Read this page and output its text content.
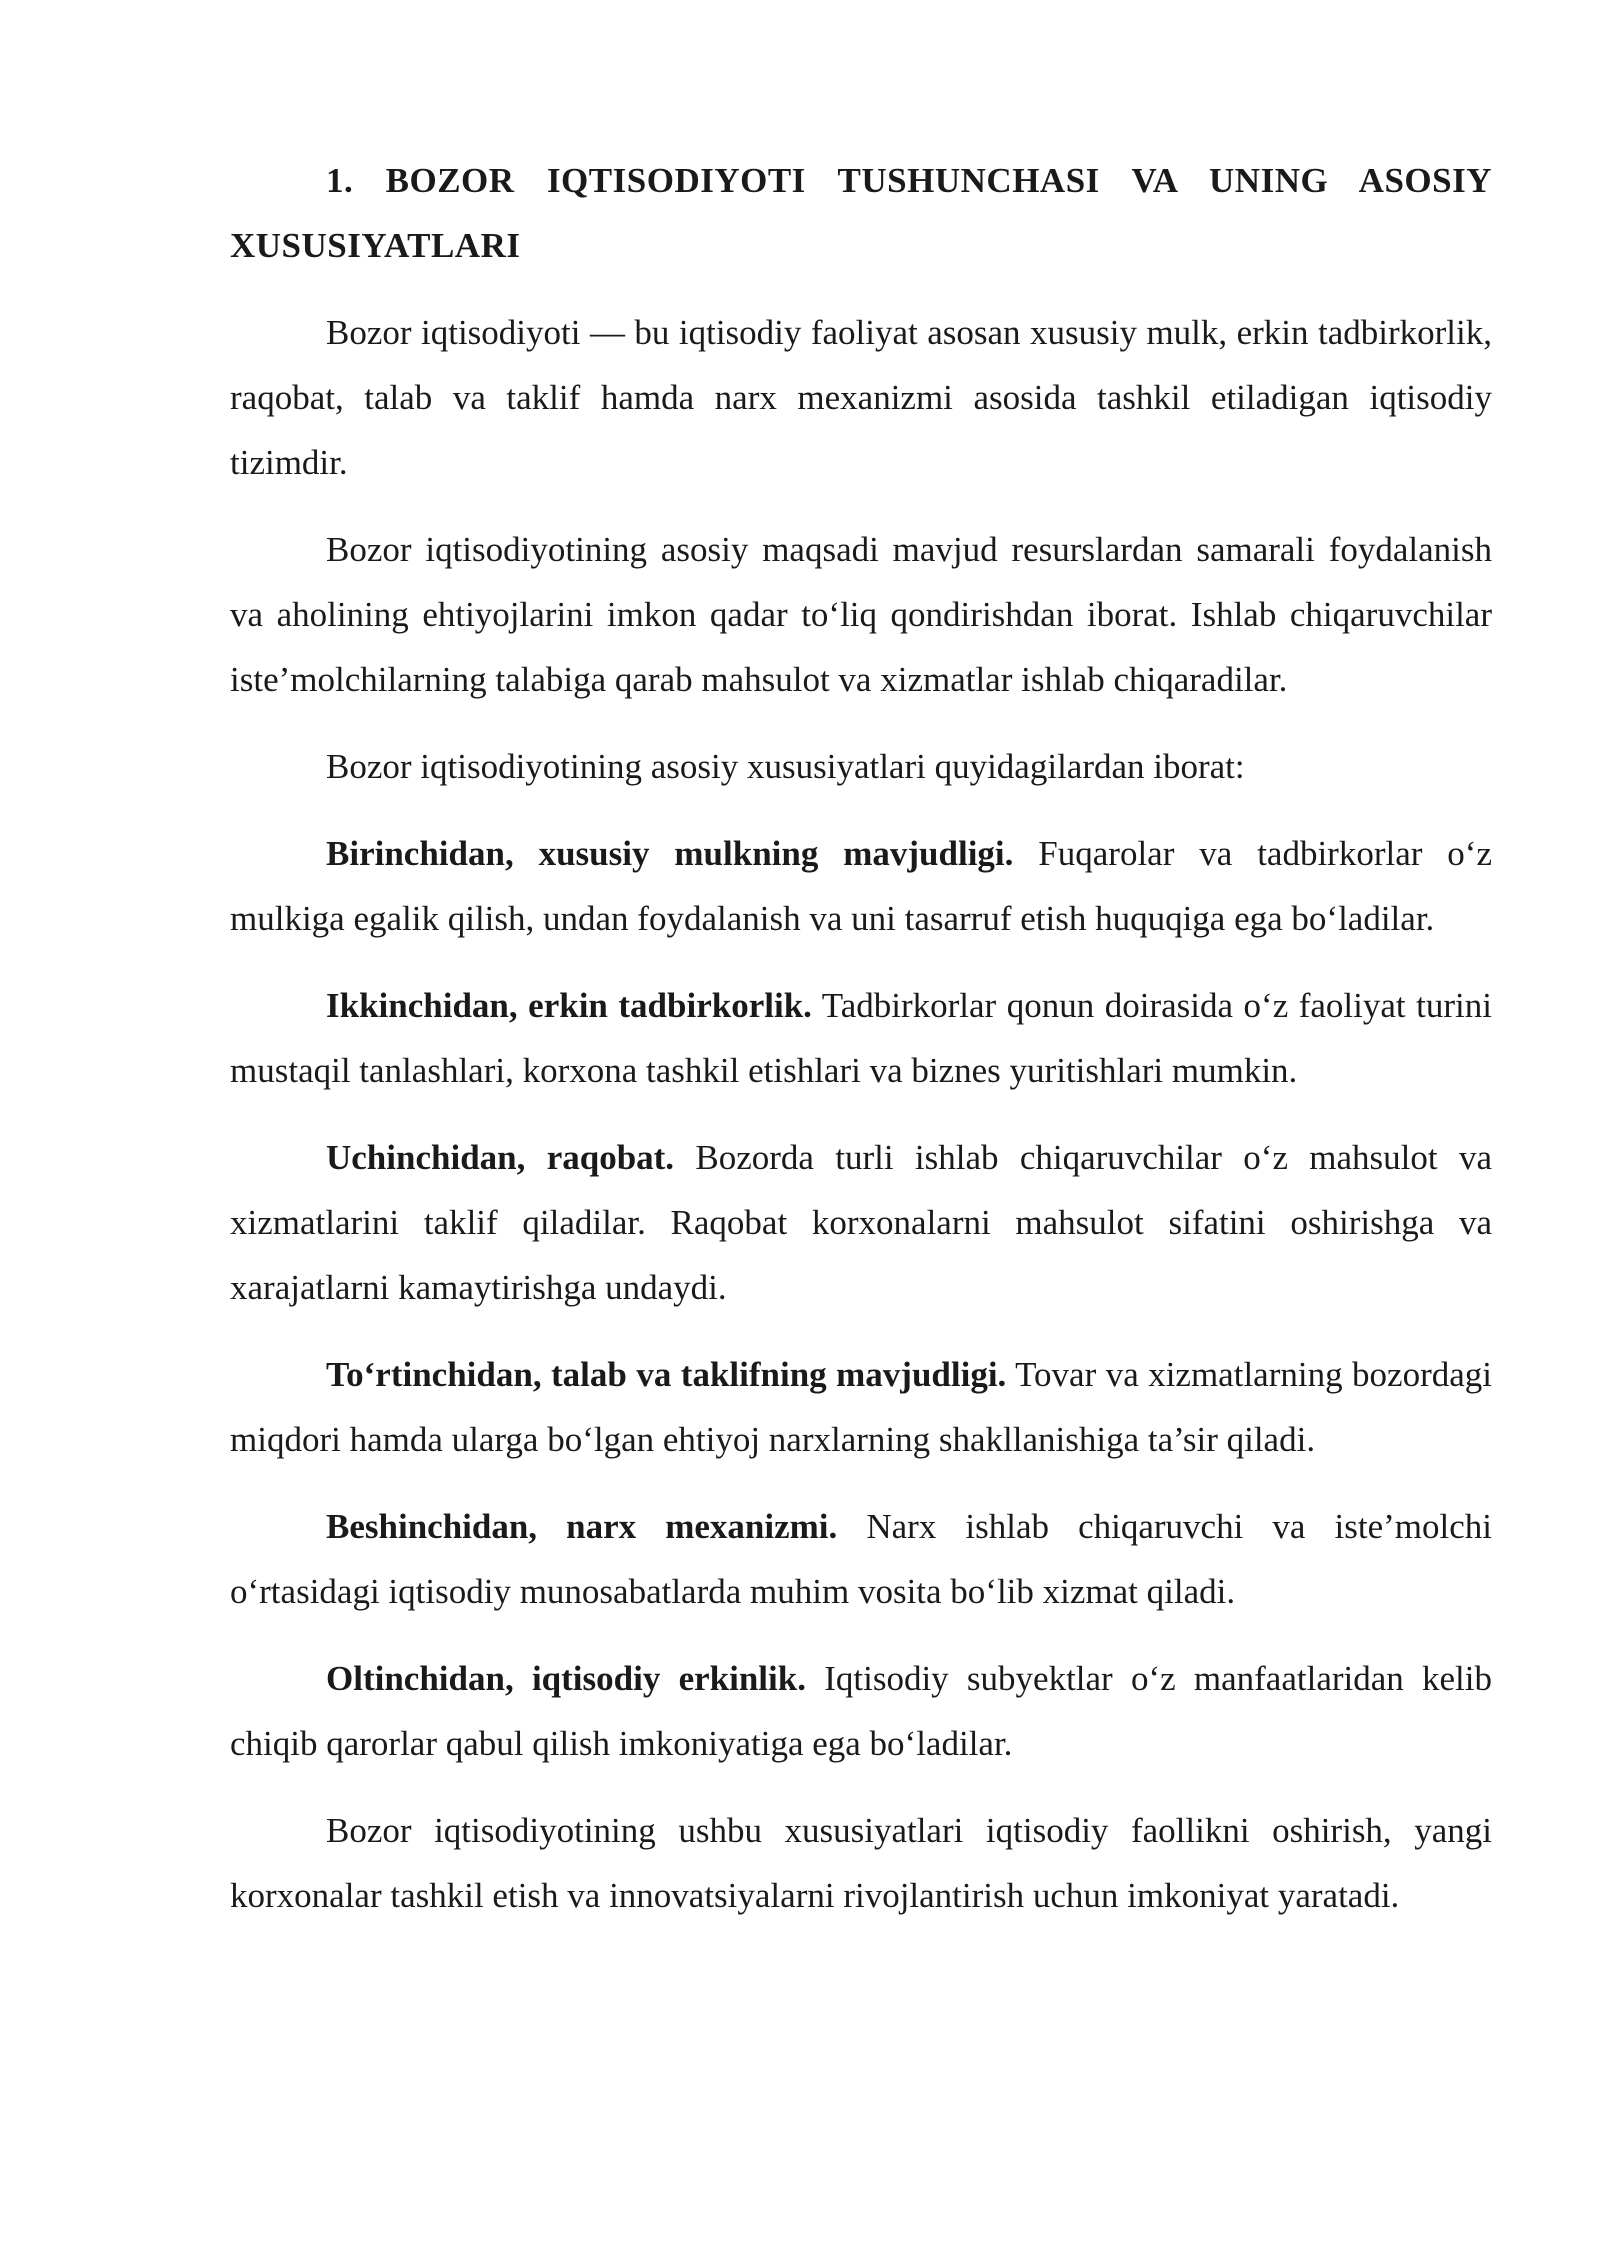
1. BOZOR IQTISODIYOTI TUSHUNCHASI VA UNING ASOSIY XUSUSIYATLARI

Bozor iqtisodiyoti — bu iqtisodiy faoliyat asosan xususiy mulk, erkin tadbirkorlik, raqobat, talab va taklif hamda narx mexanizmi asosida tashkil etiladigan iqtisodiy tizimdir.

Bozor iqtisodiyotining asosiy maqsadi mavjud resurslardan samarali foydalanish va aholining ehtiyojlarini imkon qadar to‘liq qondirishdan iborat. Ishlab chiqaruvchilar iste’molchilarning talabiga qarab mahsulot va xizmatlar ishlab chiqaradilar.

Bozor iqtisodiyotining asosiy xususiyatlari quyidagilardan iborat:

Birinchidan, xususiy mulkning mavjudligi. Fuqarolar va tadbirkorlar o‘z mulkiga egalik qilish, undan foydalanish va uni tasarruf etish huquqiga ega bo‘ladilar.

Ikkinchidan, erkin tadbirkorlik. Tadbirkorlar qonun doirasida o‘z faoliyat turini mustaqil tanlashlari, korxona tashkil etishlari va biznes yuritishlari mumkin.

Uchinchidan, raqobat. Bozorda turli ishlab chiqaruvchilar o‘z mahsulot va xizmatlarini taklif qiladilar. Raqobat korxonalarni mahsulot sifatini oshirishga va xarajatlarni kamaytirishga undaydi.

To‘rtinchidan, talab va taklifning mavjudligi. Tovar va xizmatlarning bozordagi miqdori hamda ularga bo‘lgan ehtiyoj narxlarning shakllanishiga ta’sir qiladi.

Beshinchidan, narx mexanizmi. Narx ishlab chiqaruvchi va iste’molchi o‘rtasidagi iqtisodiy munosabatlarda muhim vosita bo‘lib xizmat qiladi.

Oltinchidan, iqtisodiy erkinlik. Iqtisodiy subyektlar o‘z manfaatlaridan kelib chiqib qarorlar qabul qilish imkoniyatiga ega bo‘ladilar.

Bozor iqtisodiyotining ushbu xususiyatlari iqtisodiy faollikni oshirish, yangi korxonalar tashkil etish va innovatsiyalarni rivojlantirish uchun imkoniyat yaratadi.
